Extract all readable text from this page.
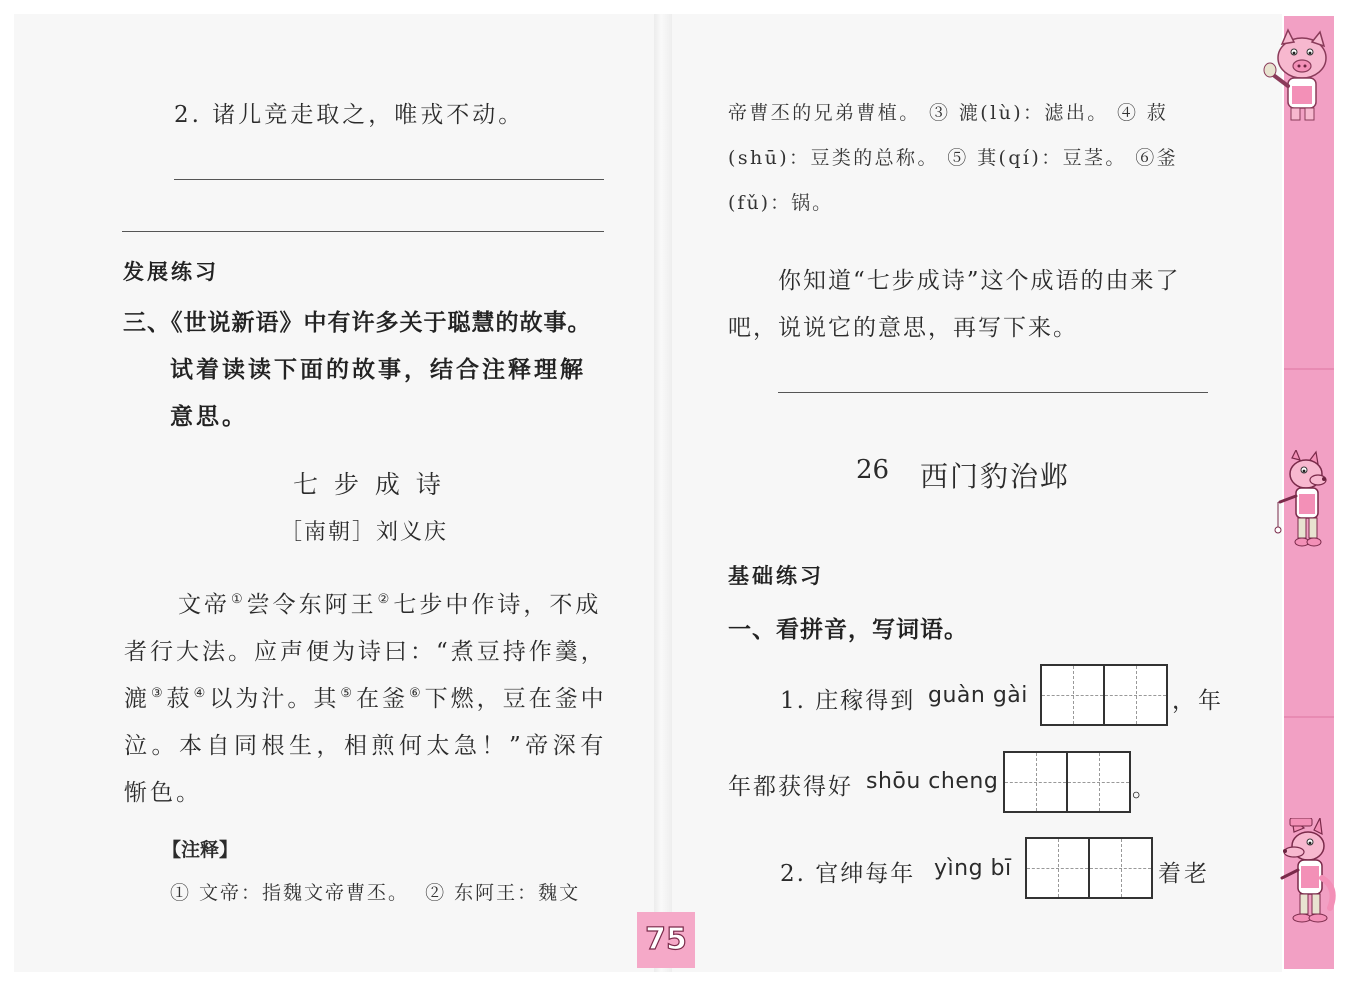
2. 诸儿竞走取之，唯戎不动。
发展练习
三、《世说新语》中有许多关于聪慧的故事。
试着读读下面的故事，结合注释理解
意思。
七 步 成 诗
［南朝］刘义庆
文帝①尝令东阿王②七步中作诗，不成
者行大法。应声便为诗曰：“煮豆持作羹，
漉③菽④以为汁。其⑤在釜⑥下燃，豆在釜中
泣。本自同根生，相煎何太急！”帝深有
惭色。
【注释】
① 文帝：指魏文帝曹丕。  ② 东阿王：魏文
75
帝曹丕的兄弟曹植。 ③ 漉(lù)：滤出。 ④ 菽
(shū)：豆类的总称。 ⑤ 萁(qí)：豆茎。 ⑥釜
(fǔ)：锅。
你知道“七步成诗”这个成语的由来了
吧，说说它的意思，再写下来。
26 西门豹治邺
基础练习
一、看拼音，写词语。
1. 庄稼得到 guàn gài	，年
年都获得好 shōu cheng	。
2. 官绅每年 yìng bī	着老
